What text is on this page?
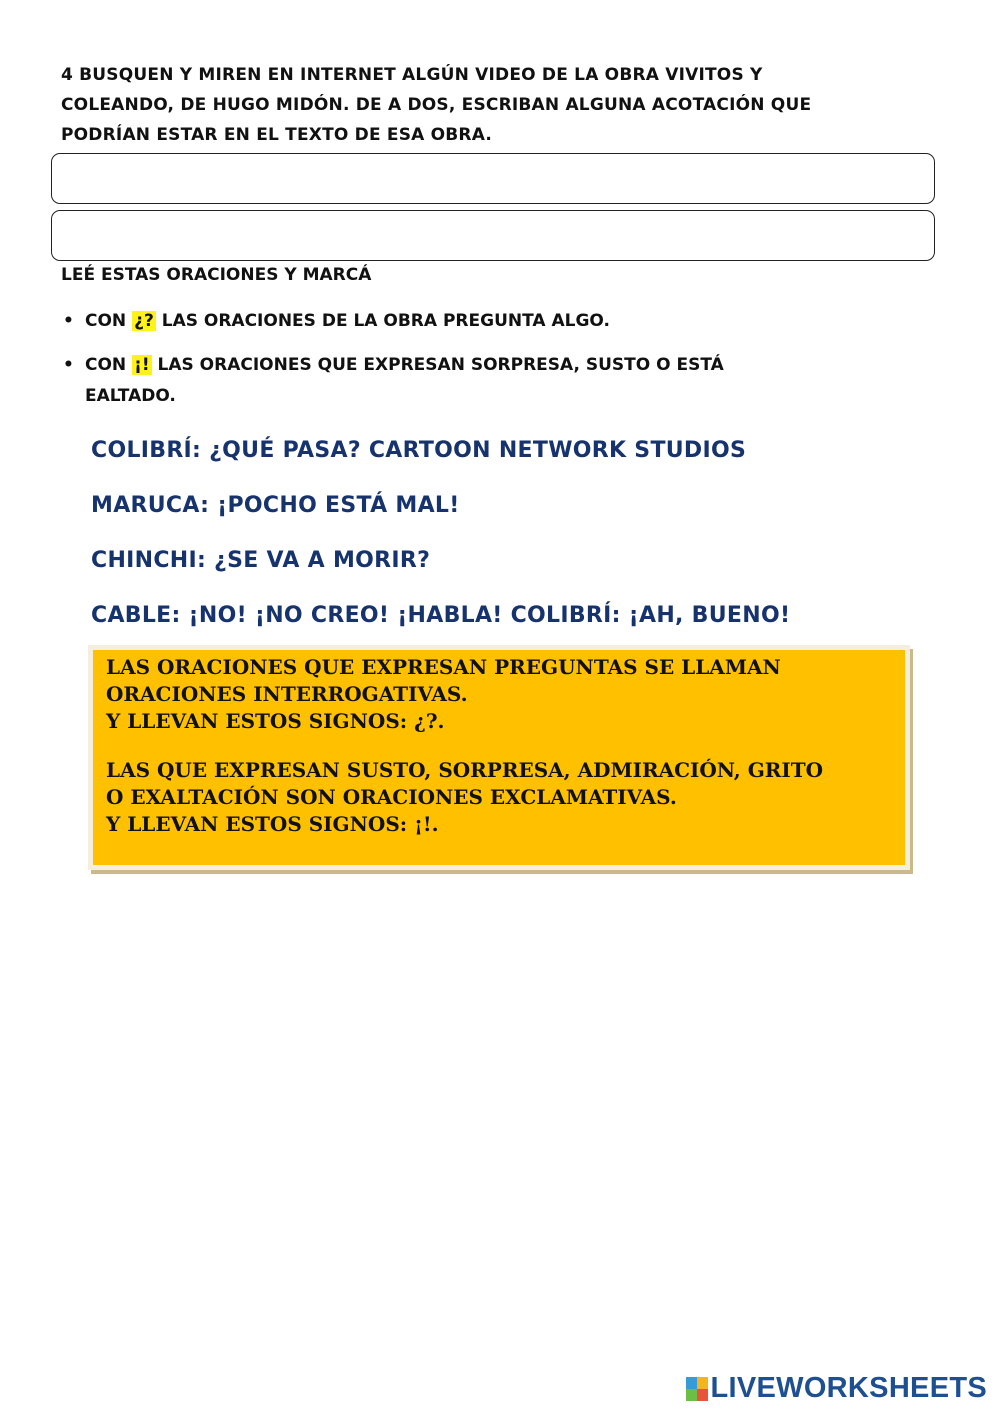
4 BUSQUEN Y MIREN EN INTERNET ALGÚN VIDEO DE LA OBRA VIVITOS Y
COLEANDO, DE HUGO MIDÓN. DE A DOS, ESCRIBAN ALGUNA ACOTACIÓN QUE
PODRÍAN ESTAR EN EL TEXTO DE ESA OBRA.
LEÉ ESTAS ORACIONES Y MARCÁ
• CON ¿? LAS ORACIONES DE LA OBRA PREGUNTA ALGO.
• CON ¡! LAS ORACIONES QUE EXPRESAN SORPRESA, SUSTO O ESTÁ
EALTADO.
COLIBRÍ: ¿QUÉ PASA? CARTOON NETWORK STUDIOS
MARUCA: ¡POCHO ESTÁ MAL!
CHINCHI: ¿SE VA A MORIR?
CABLE: ¡NO! ¡NO CREO! ¡HABLA! COLIBRÍ: ¡AH, BUENO!

LAS ORACIONES QUE EXPRESAN PREGUNTAS SE LLAMAN
ORACIONES INTERROGATIVAS.
Y LLEVAN ESTOS SIGNOS: ¿?.

LAS QUE EXPRESAN SUSTO, SORPRESA, ADMIRACIÓN, GRITO
O EXALTACIÓN SON ORACIONES EXCLAMATIVAS.
Y LLEVAN ESTOS SIGNOS: ¡!.

LIVEWORKSHEETS
